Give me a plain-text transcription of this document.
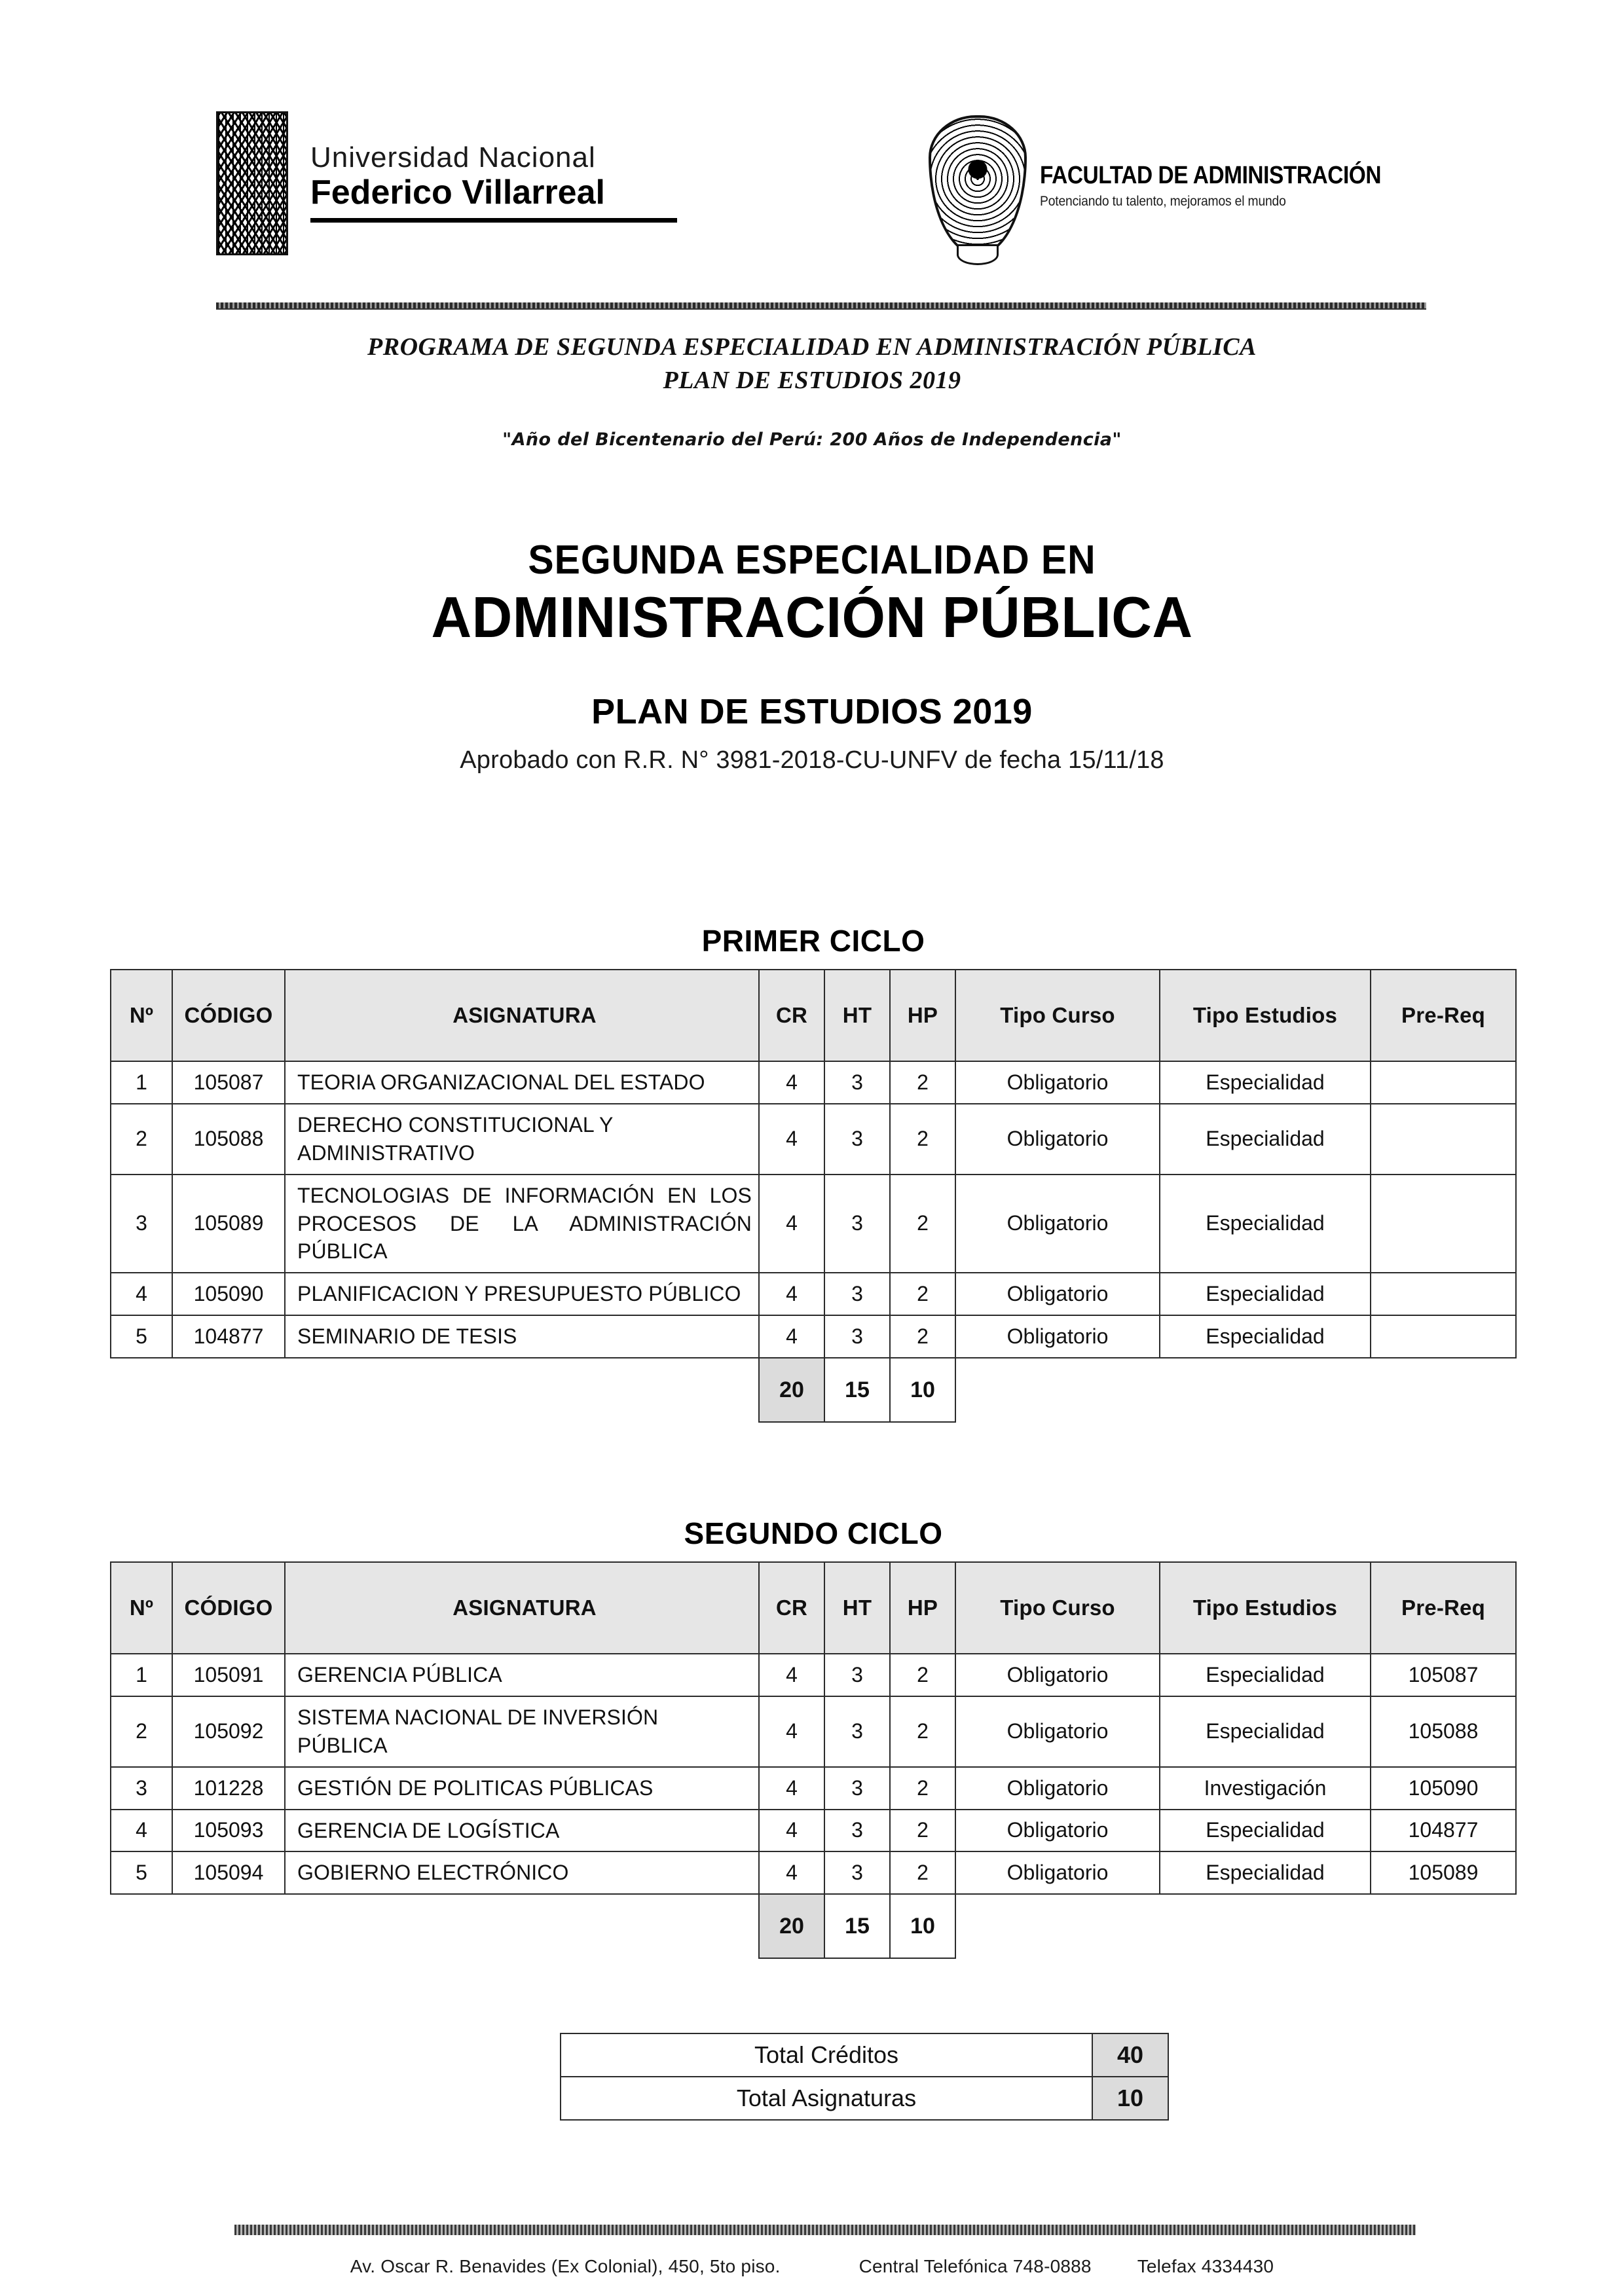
Universidad Nacional
Federico Villarreal	FACULTAD DE ADMINISTRACIÓN
Potenciando tu talento, mejoramos el mundo
PROGRAMA DE SEGUNDA ESPECIALIDAD EN ADMINISTRACIÓN PÚBLICA
PLAN DE ESTUDIOS 2019
"Año del Bicentenario del Perú: 200 Años de Independencia"
SEGUNDA ESPECIALIDAD EN
ADMINISTRACIÓN PÚBLICA
PLAN DE ESTUDIOS 2019
Aprobado con R.R. N° 3981-2018-CU-UNFV de fecha 15/11/18
PRIMER CICLO
Nº	CÓDIGO	ASIGNATURA	CR	HT	HP	Tipo Curso	Tipo Estudios	Pre-Req
1	105087	TEORIA ORGANIZACIONAL DEL ESTADO	4	3	2	Obligatorio	Especialidad	
2	105088	DERECHO CONSTITUCIONAL Y ADMINISTRATIVO	4	3	2	Obligatorio	Especialidad	
3	105089	TECNOLOGIAS DE INFORMACIÓN EN LOS PROCESOS DE LA ADMINISTRACIÓN PÚBLICA	4	3	2	Obligatorio	Especialidad	
4	105090	PLANIFICACION Y PRESUPUESTO PÚBLICO	4	3	2	Obligatorio	Especialidad	
5	104877	SEMINARIO DE TESIS	4	3	2	Obligatorio	Especialidad	
			20	15	10			
SEGUNDO CICLO
Nº	CÓDIGO	ASIGNATURA	CR	HT	HP	Tipo Curso	Tipo Estudios	Pre-Req
1	105091	GERENCIA PÚBLICA	4	3	2	Obligatorio	Especialidad	105087
2	105092	SISTEMA NACIONAL DE INVERSIÓN PÚBLICA	4	3	2	Obligatorio	Especialidad	105088
3	101228	GESTIÓN DE POLITICAS PÚBLICAS	4	3	2	Obligatorio	Investigación	105090
4	105093	GERENCIA DE LOGÍSTICA	4	3	2	Obligatorio	Especialidad	104877
5	105094	GOBIERNO ELECTRÓNICO	4	3	2	Obligatorio	Especialidad	105089
			20	15	10			
Total Créditos	40
Total Asignaturas	10
Av. Oscar R. Benavides (Ex Colonial), 450, 5to piso.	Central Telefónica 748-0888	Telefax 4334430
